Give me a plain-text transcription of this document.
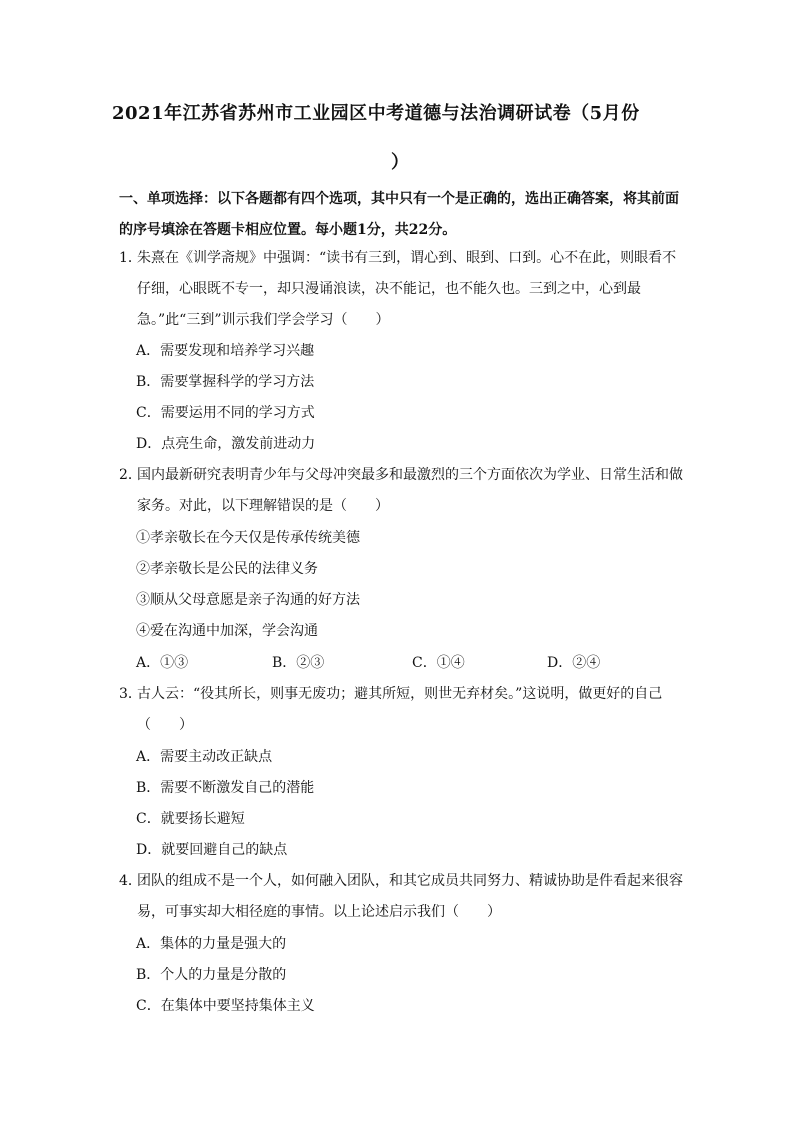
2021年江苏省苏州市工业园区中考道德与法治调研试卷（5月份
）
一、单项选择：以下各题都有四个选项，其中只有一个是正确的，选出正确答案，将其前面的序号填涂在答题卡相应位置。每小题1分，共22分。
1．
朱熹在《训学斋规》中强调：“读书有三到，谓心到、眼到、口到。心不在此，则眼看不仔细，心眼既不专一，却只漫诵浪读，决不能记，也不能久也。三到之中，心到最急。”此“三到”训示我们学会学习（　　）
A．需要发现和培养学习兴趣
B．需要掌握科学的学习方法
C．需要运用不同的学习方式
D．点亮生命，激发前进动力
2．
国内最新研究表明青少年与父母冲突最多和最激烈的三个方面依次为学业、日常生活和做家务。对此，以下理解错误的是（　　）
①孝亲敬长在今天仅是传承传统美德
②孝亲敬长是公民的法律义务
③顺从父母意愿是亲子沟通的好方法
④爱在沟通中加深，学会沟通
A．①③	B．②③	C．①④	D．②④
3．
古人云：“役其所长，则事无废功；避其所短，则世无弃材矣。”这说明，做更好的自己（　　）
A．需要主动改正缺点
B．需要不断激发自己的潜能
C．就要扬长避短
D．就要回避自己的缺点
4．
团队的组成不是一个人，如何融入团队，和其它成员共同努力、精诚协助是件看起来很容易，可事实却大相径庭的事情。以上论述启示我们（　　）
A．集体的力量是强大的
B．个人的力量是分散的
C．在集体中要坚持集体主义
